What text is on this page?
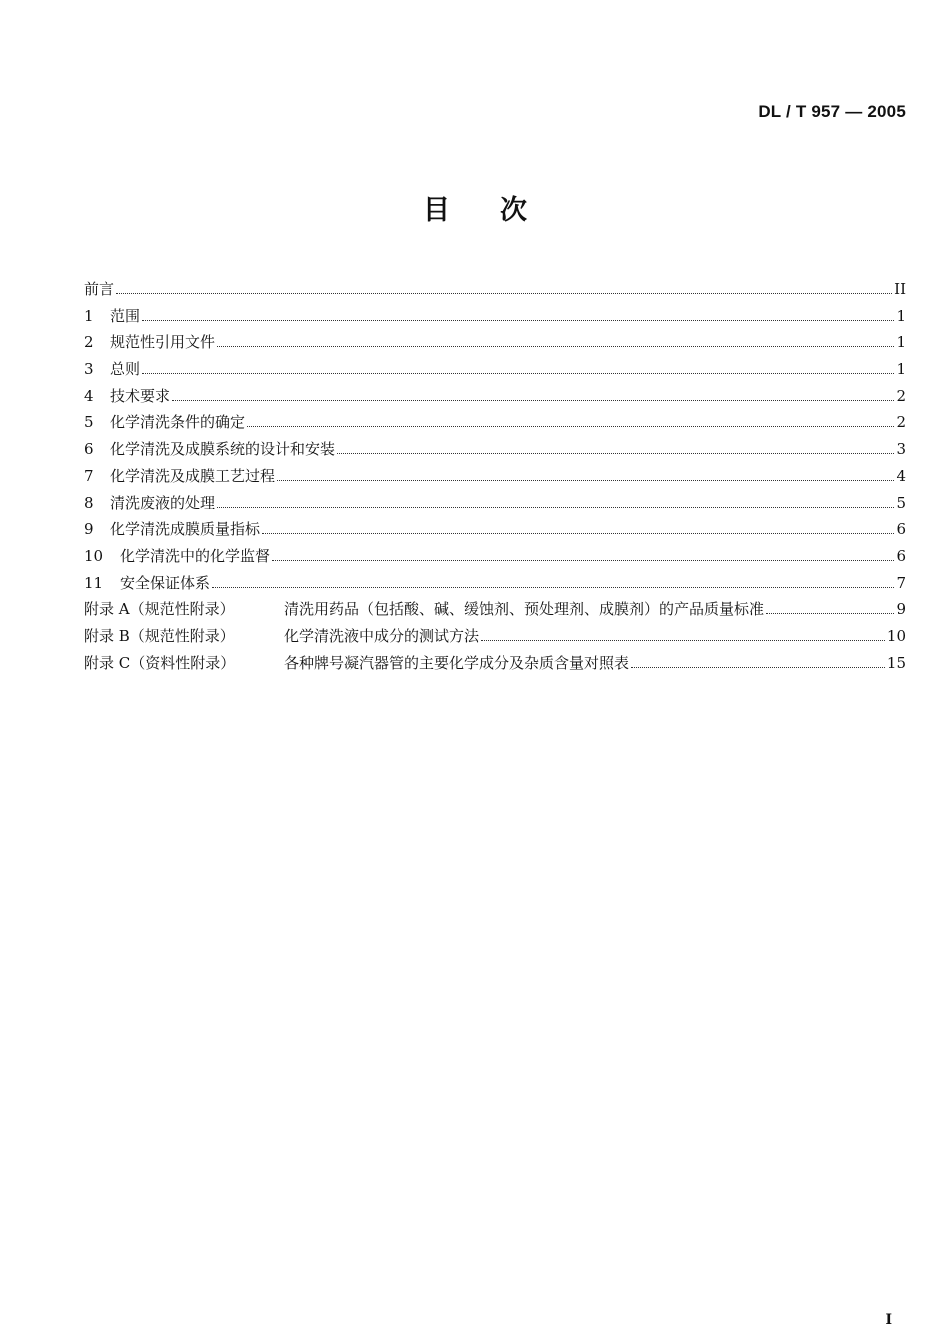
DL / T 957 — 2005
目次
前言	II
1	范围	1
2	规范性引用文件	1
3	总则	1
4	技术要求	2
5	化学清洗条件的确定	2
6	化学清洗及成膜系统的设计和安装	3
7	化学清洗及成膜工艺过程	4
8	清洗废液的处理	5
9	化学清洗成膜质量指标	6
10	化学清洗中的化学监督	6
11	安全保证体系	7
附录 A（规范性附录）	清洗用药品（包括酸、碱、缓蚀剂、预处理剂、成膜剂）的产品质量标准	9
附录 B（规范性附录）	化学清洗液中成分的测试方法	10
附录 C（资料性附录）	各种牌号凝汽器管的主要化学成分及杂质含量对照表	15
I
